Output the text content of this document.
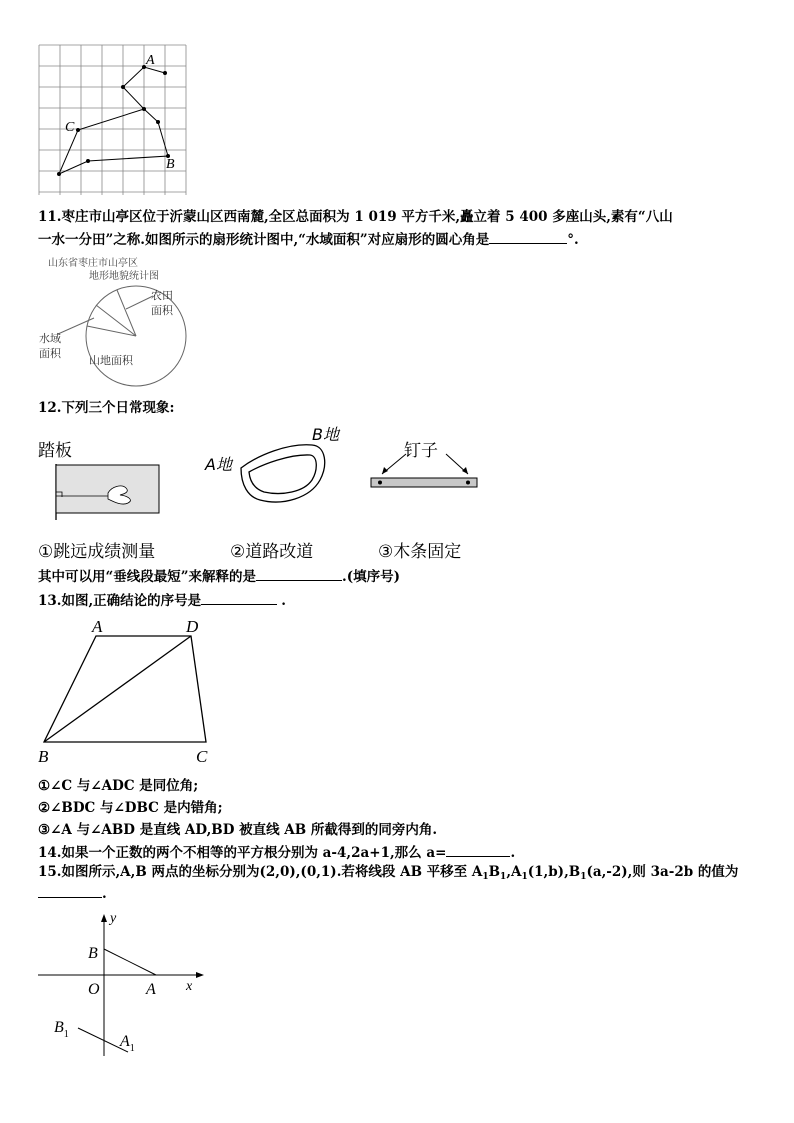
A
C
B
11.枣庄市山亭区位于沂蒙山区西南麓,全区总面积为 1 019 平方千米,矗立着 5 400 多座山头,素有“八山
一水一分田”之称.如图所示的扇形统计图中,“水域面积”对应扇形的圆心角是	°.
山东省枣庄市山亭区
地形地貌统计图
农田
面积
水域
面积
山地面积
12.下列三个日常现象:
踏板
B地
A地
钉子
①跳远成绩测量	②道路改道	③木条固定
其中可以用“垂线段最短”来解释的是	.(填序号)
13.如图,正确结论的序号是	.
A	D
B	C
①∠C 与∠ADC 是同位角;
②∠BDC 与∠DBC 是内错角;
③∠A 与∠ABD 是直线 AD,BD 被直线 AB 所截得到的同旁内角.
14.如果一个正数的两个不相等的平方根分别为 a-4,2a+1,那么 a=	.
15.如图所示,A,B 两点的坐标分别为(2,0),(0,1).若将线段 AB 平移至 $A_1B_1,A_1(1,b),B_1(a,-2)$,则 3a-2b 的值为
.
y
x
O	A
B
$B_1$	$A_1$
